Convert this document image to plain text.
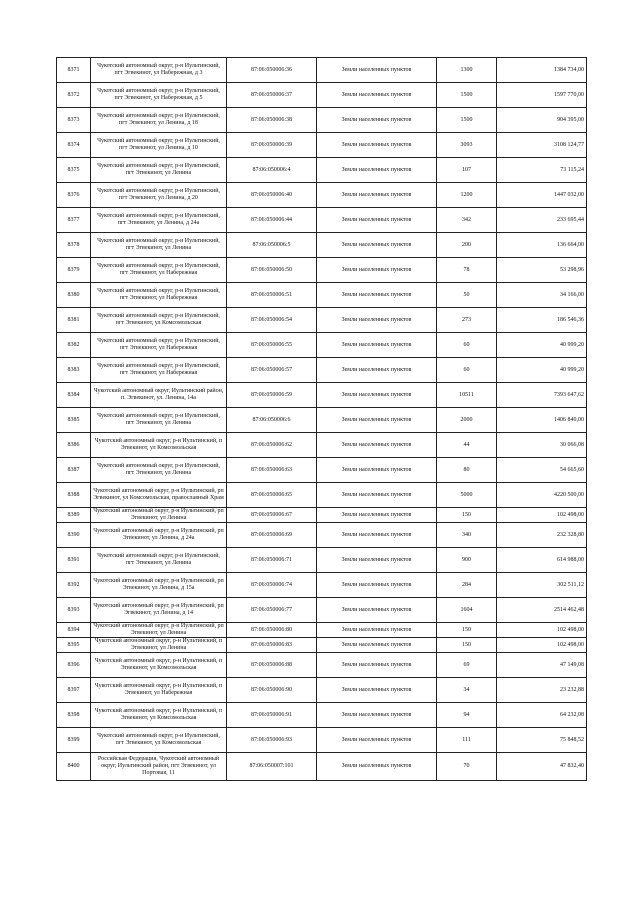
8371	Чукотский автономный округ, р-н Иультинский, пгт Эгвекинот, ул Набережная, д 3	87:06:050006:36	Земли населенных пунктов	1300	1384 734,00
8372	Чукотский автономный округ, р-н Иультинский, пгт Эгвекинот, ул Набережная, д 5	87:06:050006:37	Земли населенных пунктов	1500	1597 770,00
8373	Чукотский автономный округ, р-н Иультинский, пгт Эгвекинот, ул Ленина, д 18	87:06:050006:38	Земли населенных пунктов	1500	904 395,00
8374	Чукотский автономный округ, р-н Иультинский, пгт Эгвекинот, ул Ленина, д 10	87:06:050006:39	Земли населенных пунктов	3093	3108 124,77
8375	Чукотский автономный округ, р-н Иультинский, пгт Эгвекинот, ул Ленина	87:06:050006:4	Земли населенных пунктов	107	73 115,24
8376	Чукотский автономный округ, р-н Иультинский, пгт Эгвекинот, ул Ленина, д 20	87:06:050006:40	Земли населенных пунктов	1200	1447 032,00
8377	Чукотский автономный округ, р-н Иультинский, пгт Эгвекинот, ул Ленина, д 24а	87:06:050006:44	Земли населенных пунктов	342	233 695,44
8378	Чукотский автономный округ, р-н Иультинский, пгт Эгвекинот, ул Ленина	87:06:050006:5	Земли населенных пунктов	200	136 664,00
8379	Чукотский автономный округ, р-н Иультинский, пгт Эгвекинот, ул Набережная	87:06:050006:50	Земли населенных пунктов	78	53 298,96
8380	Чукотский автономный округ, р-н Иультинский, пгт Эгвекинот, ул Набережная	87:06:050006:51	Земли населенных пунктов	50	34 166,00
8381	Чукотский автономный округ, р-н Иультинский, пгт Эгвекинот, ул Комсомольская	87:06:050006:54	Земли населенных пунктов	273	186 546,36
8382	Чукотский автономный округ, р-н Иультинский, пгт Эгвекинот, ул Набережная	87:06:050006:55	Земли населенных пунктов	60	40 999,20
8383	Чукотский автономный округ, р-н Иультинский, пгт Эгвекинот, ул Набережная	87:06:050006:57	Земли населенных пунктов	60	40 999,20
8384	Чукотский автономный округ, Иультинский район, п. Эгвекинот, ул. Ленина, 14а	87:06:050006:59	Земли населенных пунктов	10511	7393 647,62
8385	Чукотский автономный округ, р-н Иультинский, пгт Эгвекинот, ул Ленина	87:06:050006:6	Земли населенных пунктов	2000	1406 840,00
8386	Чукотский автономный округ, р-н Иультинский, п Эгвекинот, ул Комсомольская	87:06:050006:62	Земли населенных пунктов	44	30 066,08
8387	Чукотский автономный округ, р-н Иультинский, пгт Эгвекинот, ул Ленина	87:06:050006:63	Земли населенных пунктов	80	54 665,60
8388	Чукотский автономный округ, р-н Иультинский, рп Эгвекинот, ул Комсомольская, православный Храм	87:06:050006:65	Земли населенных пунктов	5000	4220 500,00
8389	Чукотский автономный округ, р-н Иультинский, рп Эгвекинот, ул Ленина	87:06:050006:67	Земли населенных пунктов	150	102 498,00
8390	Чукотский автономный округ, р-н Иультинский, рп Эгвекинот, ул Ленина, д 24а	87:06:050006:69	Земли населенных пунктов	340	232 328,80
8391	Чукотский автономный округ, р-н Иультинский, пгт Эгвекинот, ул Ленина	87:06:050006:71	Земли населенных пунктов	900	614 988,00
8392	Чукотский автономный округ, р-н Иультинский, рп Эгвекинот, ул Ленина, д 15а	87:06:050006:74	Земли населенных пунктов	284	302 511,12
8393	Чукотский автономный округ, р-н Иультинский, рп Эгвекинот, ул Ленина, д 14	87:06:050006:77	Земли населенных пунктов	1604	2514 462,48
8394	Чукотский автономный округ, р-н Иультинский, рп Эгвекинот, ул Ленина	87:06:050006:80	Земли населенных пунктов	150	102 498,00
8395	Чукотский автономный округ, р-н Иультинский, п Эгвекинот, ул Ленина	87:06:050006:83	Земли населенных пунктов	150	102 498,00
8396	Чукотский автономный округ, р-н Иультинский, п Эгвекинот, ул Комсомольская	87:06:050006:88	Земли населенных пунктов	69	47 149,08
8397	Чукотский автономный округ, р-н Иультинский, п Эгвекинот, ул Набережная	87:06:050006:90	Земли населенных пунктов	34	23 232,88
8398	Чукотский автономный округ, р-н Иультинский, п Эгвекинот, ул Комсомольская	87:06:050006:91	Земли населенных пунктов	94	64 232,08
8399	Чукотский автономный округ, р-н Иультинский, пгт Эгвекинот, ул Комсомольская	87:06:050006:93	Земли населенных пунктов	111	75 848,52
8400	Российская Федерация, Чукотский автономный округ, Иультинский район, пгт Эгвекинот, ул Портовая, 11	87:06:050007:101	Земли населенных пунктов	70	47 832,40
